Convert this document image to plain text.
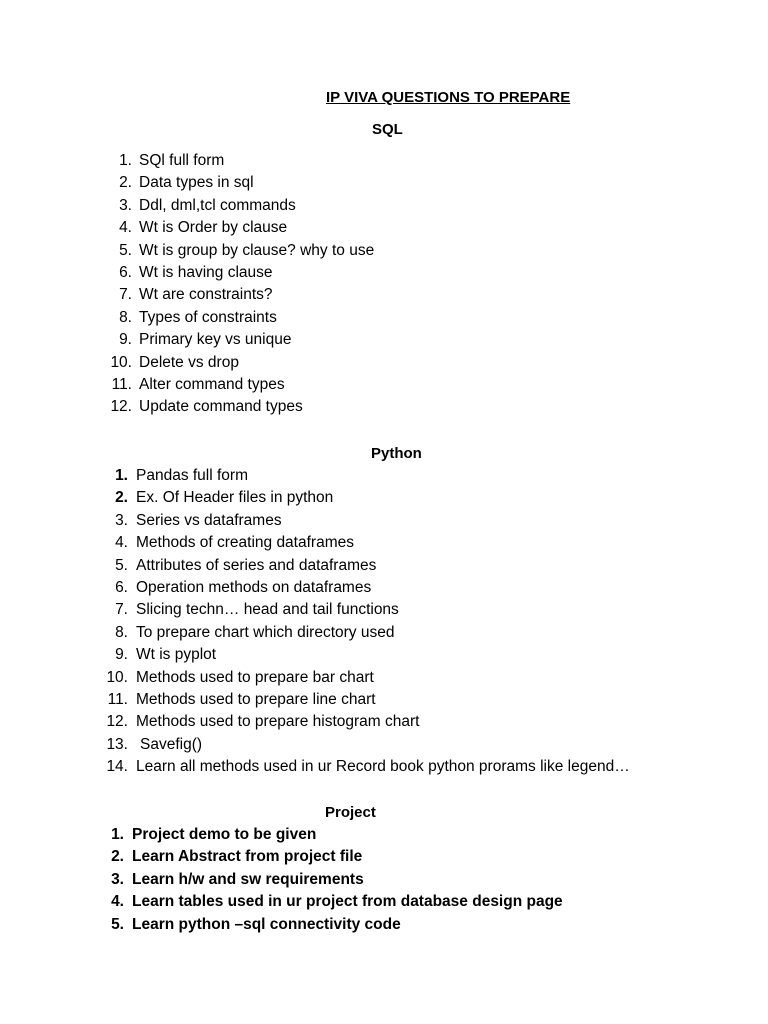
IP VIVA QUESTIONS TO PREPARE
SQL
1. SQl full form
2. Data types in sql
3. Ddl, dml,tcl commands
4. Wt is Order by clause
5. Wt is group by clause? why to use
6. Wt is having clause
7. Wt are constraints?
8. Types of constraints
9. Primary key vs unique
10. Delete vs drop
11. Alter command types
12. Update command types
Python
1. Pandas full form
2. Ex. Of Header files in python
3. Series vs dataframes
4. Methods of creating dataframes
5. Attributes of series and dataframes
6. Operation methods on dataframes
7. Slicing techn… head and tail functions
8. To prepare chart which directory used
9. Wt is pyplot
10. Methods used to prepare bar chart
11. Methods used to prepare line chart
12. Methods used to prepare histogram chart
13. Savefig()
14. Learn all methods used in ur Record book python prorams like legend…
Project
1. Project demo to be given
2. Learn Abstract from project file
3. Learn h/w and sw requirements
4. Learn tables used in ur project from database design page
5. Learn python –sql connectivity code
